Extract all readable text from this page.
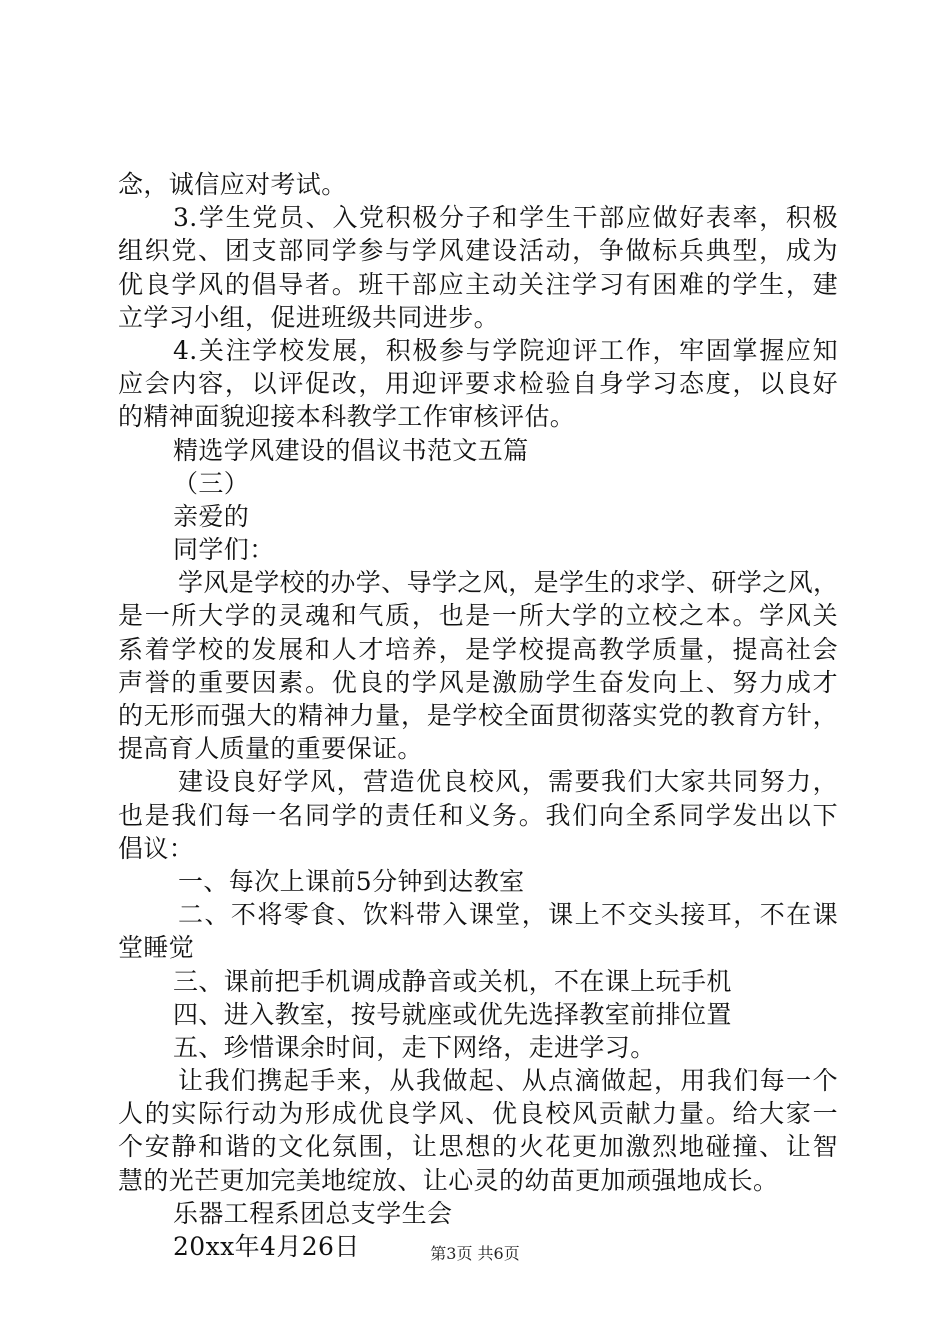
念，诚信应对考试。
3.学生党员、入党积极分子和学生干部应做好表率，积极
组织党、团支部同学参与学风建设活动，争做标兵典型，成为
优良学风的倡导者。班干部应主动关注学习有困难的学生，建
立学习小组，促进班级共同进步。
4.关注学校发展，积极参与学院迎评工作，牢固掌握应知
应会内容，以评促改，用迎评要求检验自身学习态度，以良好
的精神面貌迎接本科教学工作审核评估。
精选学风建设的倡议书范文五篇
（三）
亲爱的
同学们：
学风是学校的办学、导学之风，是学生的求学、研学之风，
是一所大学的灵魂和气质，也是一所大学的立校之本。学风关
系着学校的发展和人才培养，是学校提高教学质量，提高社会
声誉的重要因素。优良的学风是激励学生奋发向上、努力成才
的无形而强大的精神力量，是学校全面贯彻落实党的教育方针，
提高育人质量的重要保证。
建设良好学风，营造优良校风，需要我们大家共同努力，
也是我们每一名同学的责任和义务。我们向全系同学发出以下
倡议：
一、每次上课前5分钟到达教室
二、不将零食、饮料带入课堂，课上不交头接耳，不在课
堂睡觉
三、课前把手机调成静音或关机，不在课上玩手机
四、进入教室，按号就座或优先选择教室前排位置
五、珍惜课余时间，走下网络，走进学习。
让我们携起手来，从我做起、从点滴做起，用我们每一个
人的实际行动为形成优良学风、优良校风贡献力量。给大家一
个安静和谐的文化氛围，让思想的火花更加激烈地碰撞、让智
慧的光芒更加完美地绽放、让心灵的幼苗更加顽强地成长。
乐器工程系团总支学生会
20xx年4月26日	第3页 共6页
